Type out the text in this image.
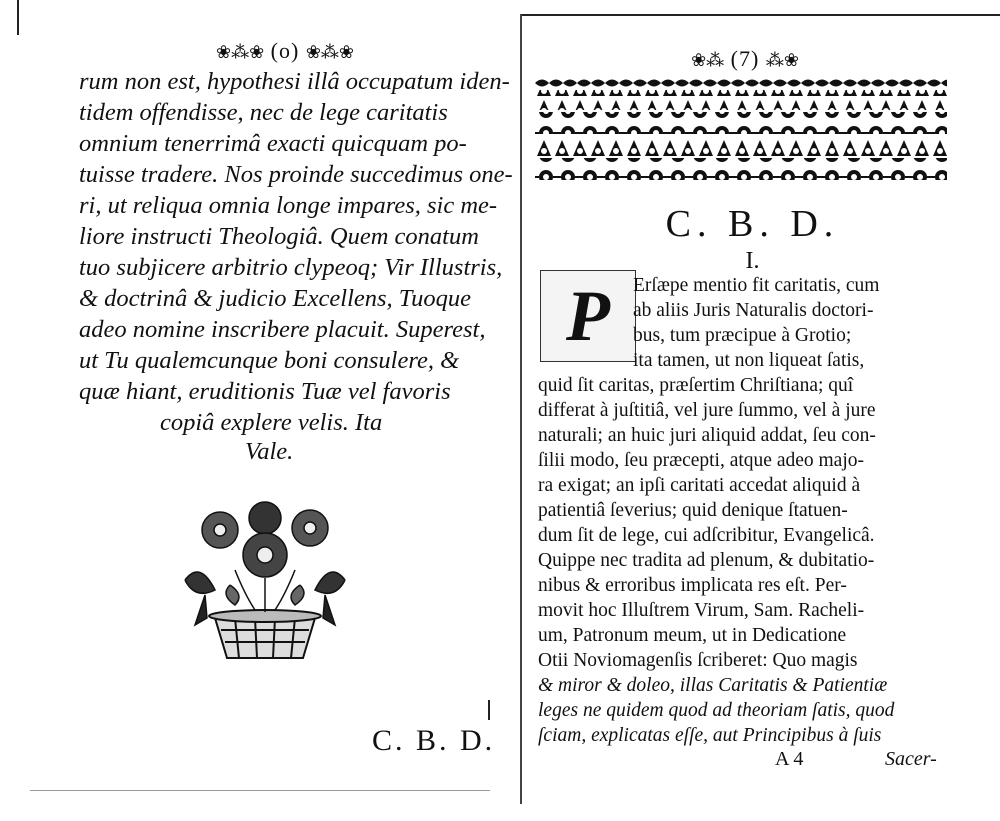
❀⁂❀ (o) ❀⁂❀
rum non est, hypothesi illâ occupatum iden-
tidem offendisse, nec de lege caritatis
omnium tenerrimâ exacti quicquam po-
tuisse tradere. Nos proinde succedimus one-
ri, ut reliqua omnia longe impares, sic me-
liore instructi Theologiâ. Quem conatum
tuo subjicere arbitrio clypeoq; Vir Illustris,
& doctrinâ & judicio Excellens, Tuoque
adeo nomine inscribere placuit. Superest,
ut Tu qualemcunque boni consulere, &
quæ hiant, eruditionis Tuæ vel favoris
copiâ explere velis. Ita
Vale.
C. B. D.
❀⁂ (7) ⁂❀
C. B. D.
I.
P	Erſæpe mentio fit caritatis, cum
ab aliis Juris Naturalis doctori-
bus, tum præcipue à Grotio;
ita tamen, ut non liqueat ſatis,
quid ſit caritas, præſertim Chriſtiana; quî
differat à juſtitiâ, vel jure ſummo, vel à jure
naturali; an huic juri aliquid addat, ſeu con-
ſilii modo, ſeu præcepti, atque adeo majo-
ra exigat; an ipſi caritati accedat aliquid à
patientiâ ſeverius; quid denique ſtatuen-
dum ſit de lege, cui adſcribitur, Evangelicâ.
Quippe nec tradita ad plenum, & dubitatio-
nibus & erroribus implicata res eſt. Per-
movit hoc Illuſtrem Virum, Sam. Racheli-
um, Patronum meum, ut in Dedicatione
Otii Noviomagenſis ſcriberet: Quo magis
& miror & doleo, illas Caritatis & Patientiæ
leges ne quidem quod ad theoriam ſatis, quod
ſciam, explicatas eſſe, aut Principibus à ſuis
A 4	Sacer-
